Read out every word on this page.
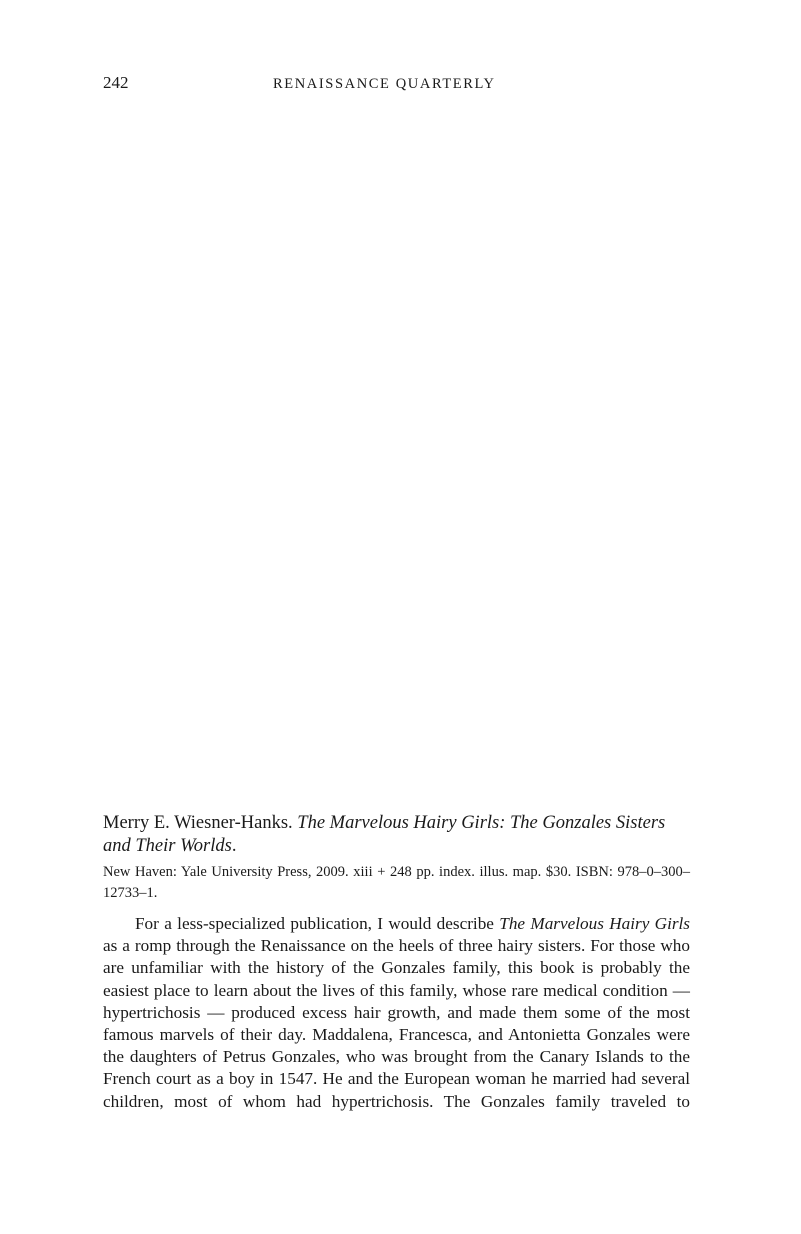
242	RENAISSANCE QUARTERLY
Merry E. Wiesner-Hanks. The Marvelous Hairy Girls: The Gonzales Sisters and Their Worlds.

New Haven: Yale University Press, 2009. xiii + 248 pp. index. illus. map. $30. ISBN: 978–0–300–12733–1.

For a less-specialized publication, I would describe The Marvelous Hairy Girls as a romp through the Renaissance on the heels of three hairy sisters. For those who are unfamiliar with the history of the Gonzales family, this book is probably the easiest place to learn about the lives of this family, whose rare medical condition — hypertrichosis — produced excess hair growth, and made them some of the most famous marvels of their day. Maddalena, Francesca, and Antonietta Gonzales were the daughters of Petrus Gonzales, who was brought from the Canary Islands to the French court as a boy in 1547. He and the European woman he married had several children, most of whom had hypertrichosis. The Gonzales family traveled to
